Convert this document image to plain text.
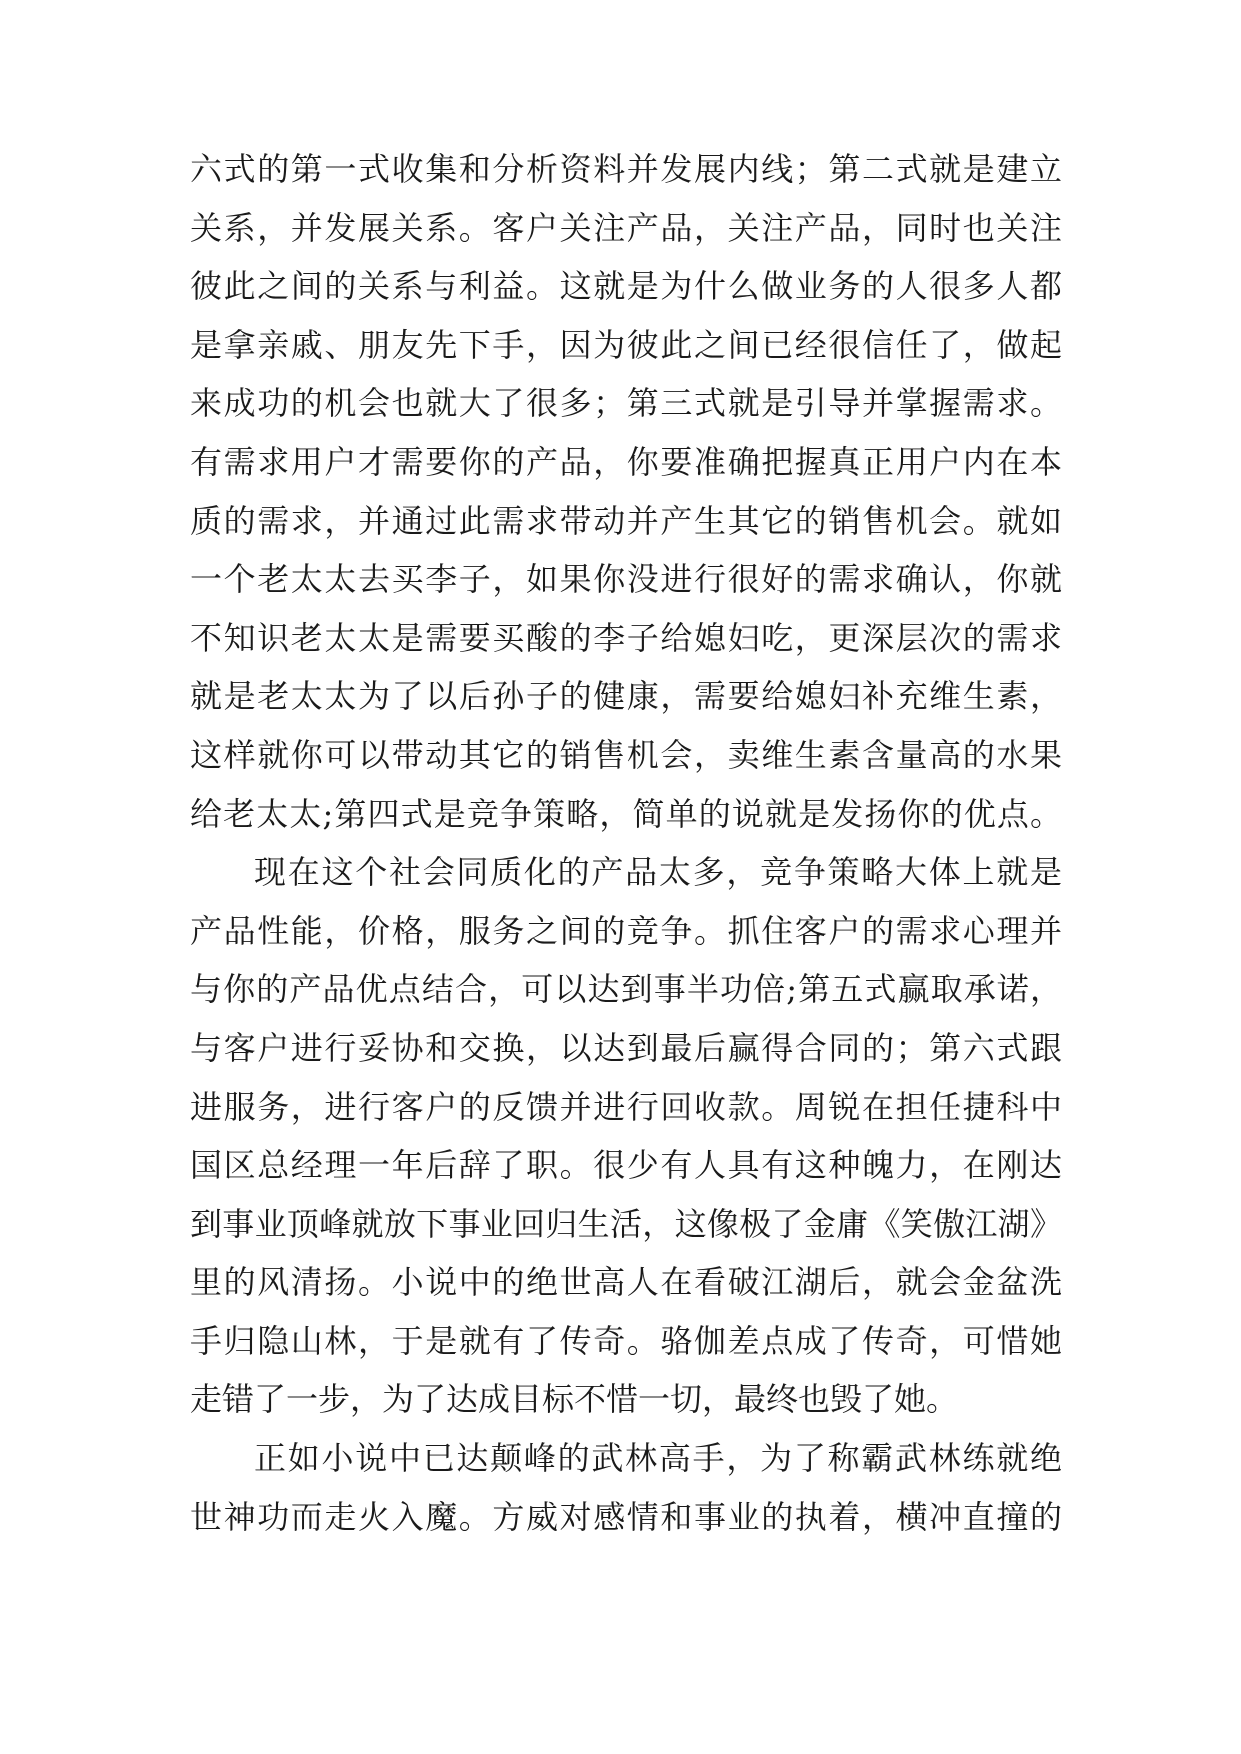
六式的第一式收集和分析资料并发展内线；第二式就是建立
关系，并发展关系。客户关注产品，关注产品，同时也关注
彼此之间的关系与利益。这就是为什么做业务的人很多人都
是拿亲戚、朋友先下手，因为彼此之间已经很信任了，做起
来成功的机会也就大了很多；第三式就是引导并掌握需求。
有需求用户才需要你的产品，你要准确把握真正用户内在本
质的需求，并通过此需求带动并产生其它的销售机会。就如
一个老太太去买李子，如果你没进行很好的需求确认，你就
不知识老太太是需要买酸的李子给媳妇吃，更深层次的需求
就是老太太为了以后孙子的健康，需要给媳妇补充维生素，
这样就你可以带动其它的销售机会，卖维生素含量高的水果
给老太太;第四式是竞争策略，简单的说就是发扬你的优点。
现在这个社会同质化的产品太多，竞争策略大体上就是
产品性能，价格，服务之间的竞争。抓住客户的需求心理并
与你的产品优点结合，可以达到事半功倍;第五式赢取承诺，
与客户进行妥协和交换，以达到最后赢得合同的；第六式跟
进服务，进行客户的反馈并进行回收款。周锐在担任捷科中
国区总经理一年后辞了职。很少有人具有这种魄力，在刚达
到事业顶峰就放下事业回归生活，这像极了金庸《笑傲江湖》
里的风清扬。小说中的绝世高人在看破江湖后，就会金盆洗
手归隐山林，于是就有了传奇。骆伽差点成了传奇，可惜她
走错了一步，为了达成目标不惜一切，最终也毁了她。
正如小说中已达颠峰的武林高手，为了称霸武林练就绝
世神功而走火入魔。方威对感情和事业的执着，横冲直撞的
